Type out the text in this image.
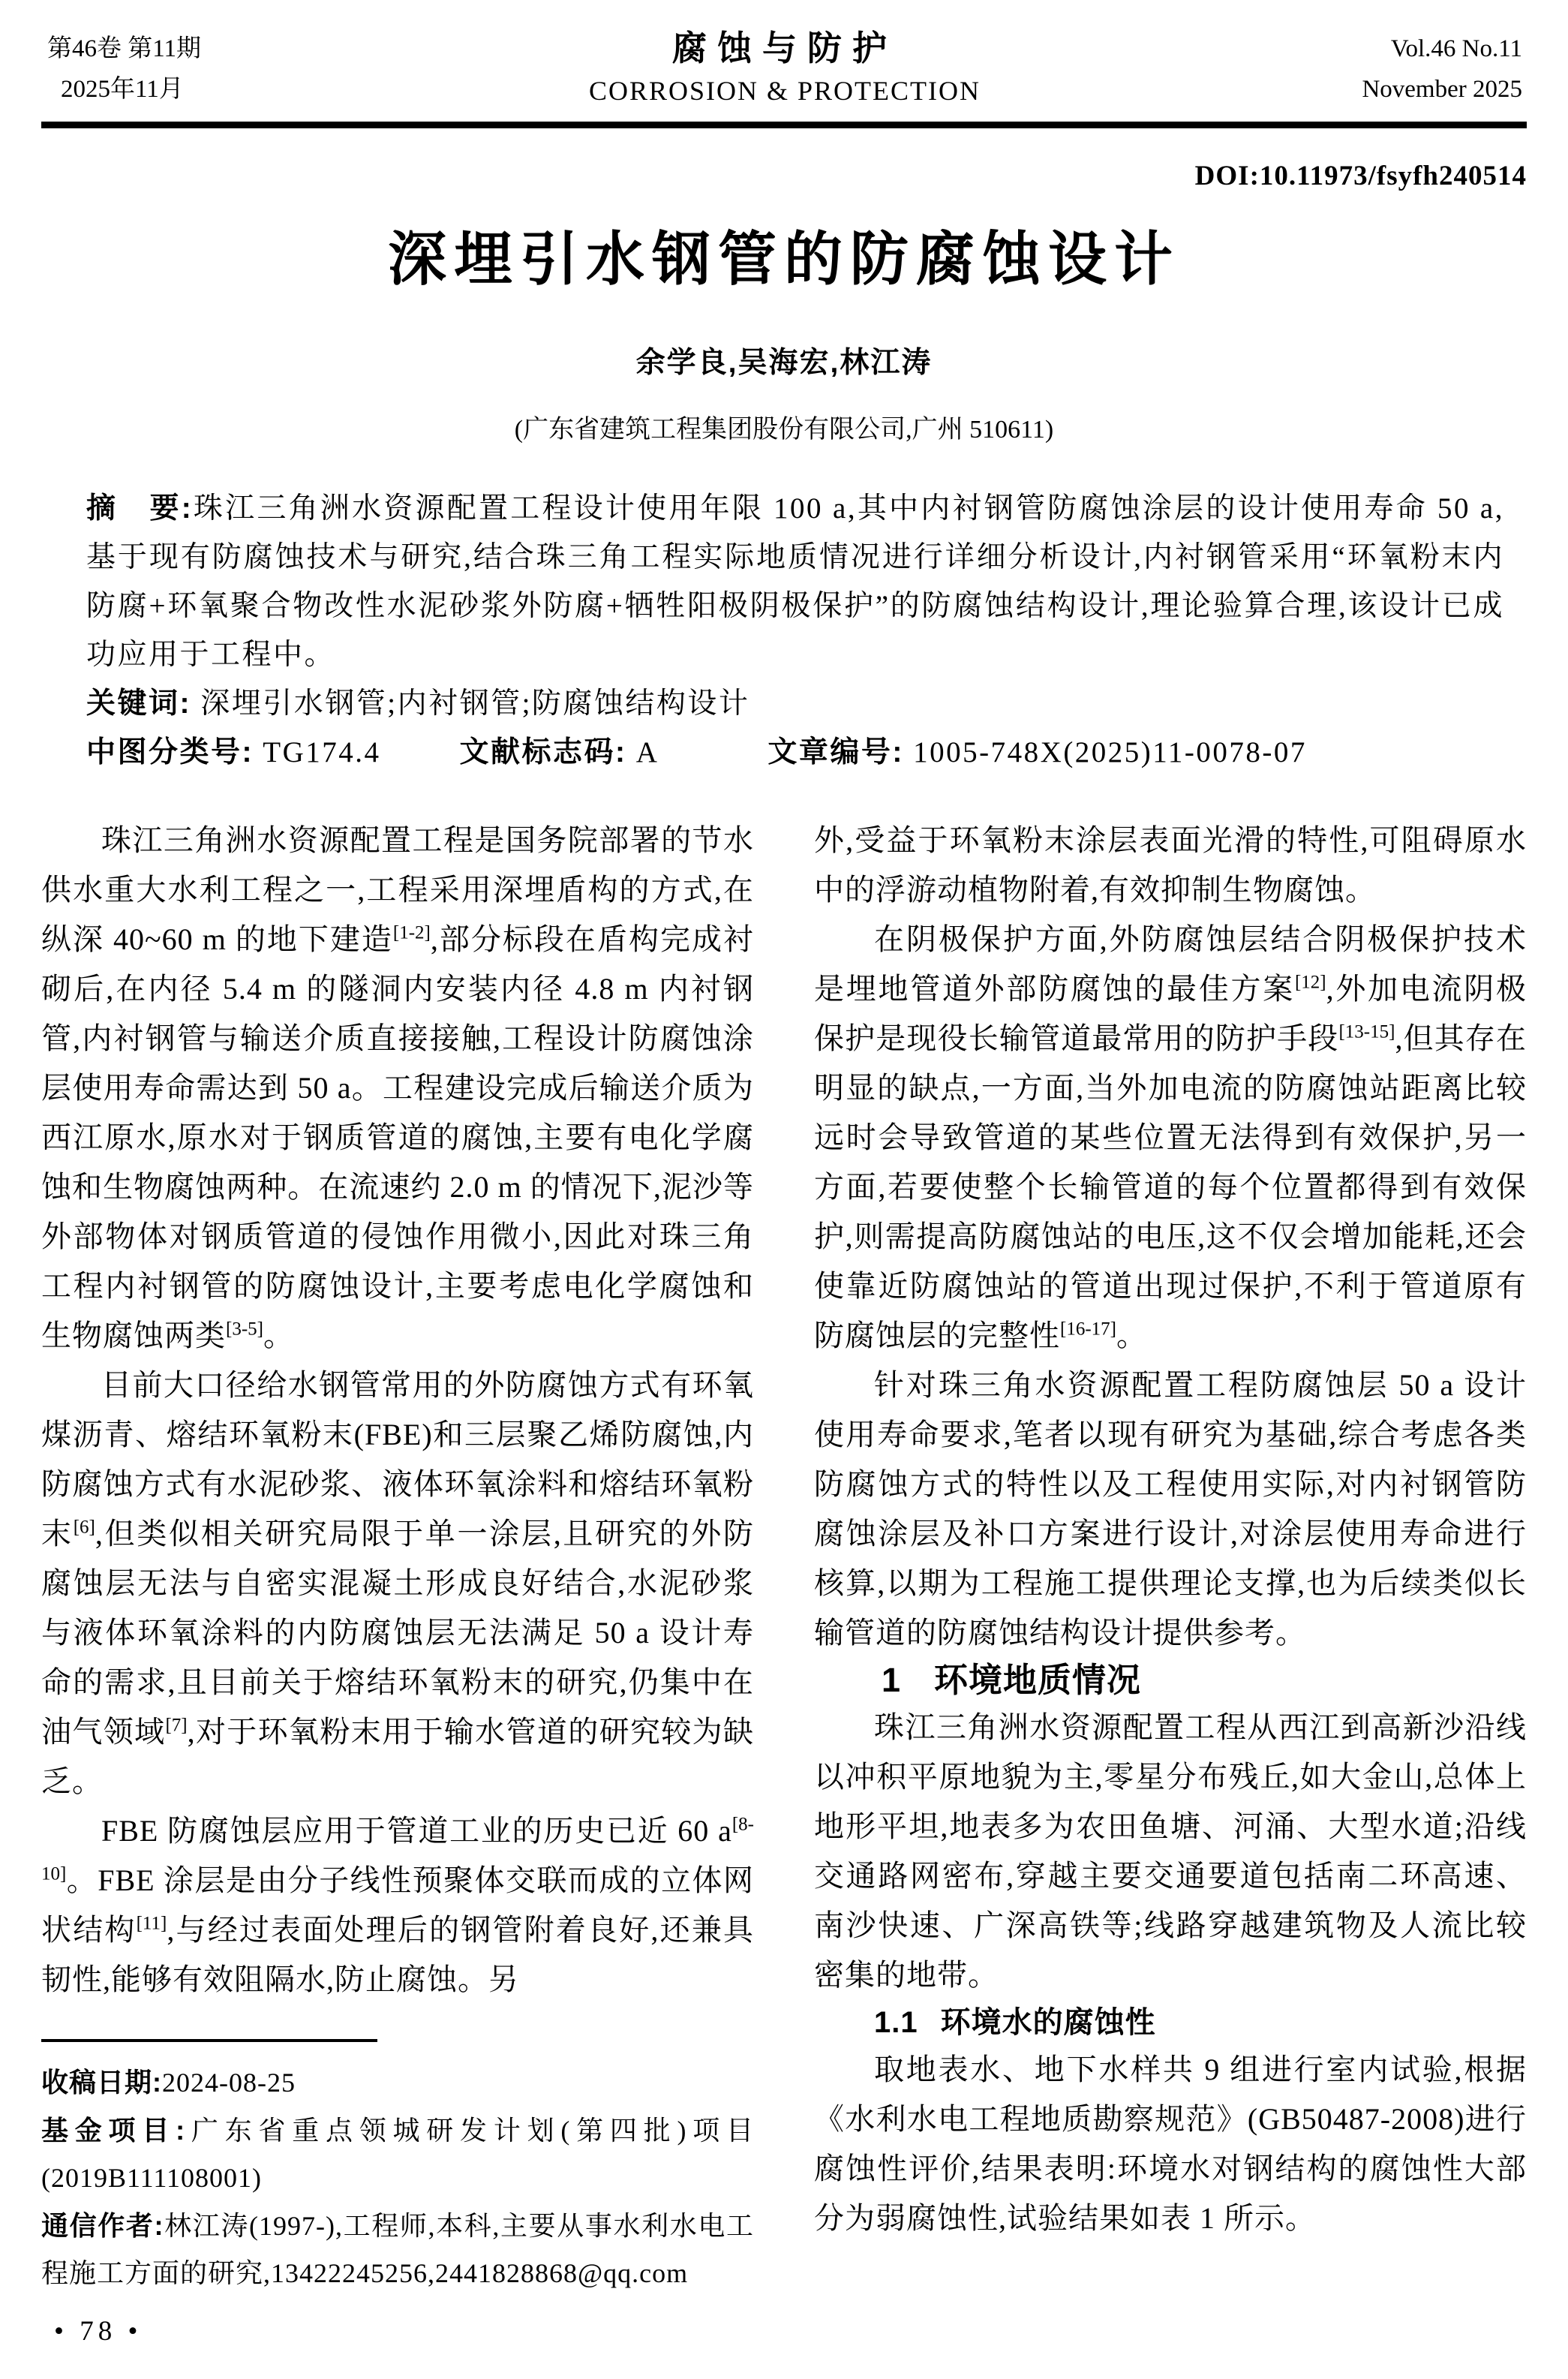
第46卷 第11期
2025年11月
腐蚀与防护
CORROSION & PROTECTION
Vol.46 No.11
November 2025
DOI:10.11973/fsyfh240514
深埋引水钢管的防腐蚀设计
余学良,吴海宏,林江涛
(广东省建筑工程集团股份有限公司,广州 510611)

摘　要:珠江三角洲水资源配置工程设计使用年限 100 a,其中内衬钢管防腐蚀涂层的设计使用寿命 50 a,基于现有防腐蚀技术与研究,结合珠三角工程实际地质情况进行详细分析设计,内衬钢管采用“环氧粉末内防腐+环氧聚合物改性水泥砂浆外防腐+牺牲阳极阴极保护”的防腐蚀结构设计,理论验算合理,该设计已成功应用于工程中。

关键词: 深埋引水钢管;内衬钢管;防腐蚀结构设计

中图分类号: TG174.4	文献标志码: A	文章编号: 1005-748X(2025)11-0078-07

珠江三角洲水资源配置工程是国务院部署的节水供水重大水利工程之一,工程采用深埋盾构的方式,在纵深 40~60 m 的地下建造[1-2],部分标段在盾构完成衬砌后,在内径 5.4 m 的隧洞内安装内径 4.8 m 内衬钢管,内衬钢管与输送介质直接接触,工程设计防腐蚀涂层使用寿命需达到 50 a。工程建设完成后输送介质为西江原水,原水对于钢质管道的腐蚀,主要有电化学腐蚀和生物腐蚀两种。在流速约 2.0 m 的情况下,泥沙等外部物体对钢质管道的侵蚀作用微小,因此对珠三角工程内衬钢管的防腐蚀设计,主要考虑电化学腐蚀和生物腐蚀两类[3-5]。

目前大口径给水钢管常用的外防腐蚀方式有环氧煤沥青、熔结环氧粉末(FBE)和三层聚乙烯防腐蚀,内防腐蚀方式有水泥砂浆、液体环氧涂料和熔结环氧粉末[6],但类似相关研究局限于单一涂层,且研究的外防腐蚀层无法与自密实混凝土形成良好结合,水泥砂浆与液体环氧涂料的内防腐蚀层无法满足 50 a 设计寿命的需求,且目前关于熔结环氧粉末的研究,仍集中在油气领域[7],对于环氧粉末用于输水管道的研究较为缺乏。

FBE 防腐蚀层应用于管道工业的历史已近 60 a[8-10]。FBE 涂层是由分子线性预聚体交联而成的立体网状结构[11],与经过表面处理后的钢管附着良好,还兼具韧性,能够有效阻隔水,防止腐蚀。另

收稿日期:2024-08-25

基金项目:广东省重点领城研发计划(第四批)项目(2019B111108001)

通信作者:林江涛(1997-),工程师,本科,主要从事水利水电工程施工方面的研究,13422245256,2441828868@qq.com

外,受益于环氧粉末涂层表面光滑的特性,可阻碍原水中的浮游动植物附着,有效抑制生物腐蚀。

在阴极保护方面,外防腐蚀层结合阴极保护技术是埋地管道外部防腐蚀的最佳方案[12],外加电流阴极保护是现役长输管道最常用的防护手段[13-15],但其存在明显的缺点,一方面,当外加电流的防腐蚀站距离比较远时会导致管道的某些位置无法得到有效保护,另一方面,若要使整个长输管道的每个位置都得到有效保护,则需提高防腐蚀站的电压,这不仅会增加能耗,还会使靠近防腐蚀站的管道出现过保护,不利于管道原有防腐蚀层的完整性[16-17]。

针对珠三角水资源配置工程防腐蚀层 50 a 设计使用寿命要求,笔者以现有研究为基础,综合考虑各类防腐蚀方式的特性以及工程使用实际,对内衬钢管防腐蚀涂层及补口方案进行设计,对涂层使用寿命进行核算,以期为工程施工提供理论支撑,也为后续类似长输管道的防腐蚀结构设计提供参考。

1 环境地质情况

珠江三角洲水资源配置工程从西江到高新沙沿线以冲积平原地貌为主,零星分布残丘,如大金山,总体上地形平坦,地表多为农田鱼塘、河涌、大型水道;沿线交通路网密布,穿越主要交通要道包括南二环高速、南沙快速、广深高铁等;线路穿越建筑物及人流比较密集的地带。

1.1 环境水的腐蚀性

取地表水、地下水样共 9 组进行室内试验,根据《水利水电工程地质勘察规范》(GB50487-2008)进行腐蚀性评价,结果表明:环境水对钢结构的腐蚀性大部分为弱腐蚀性,试验结果如表 1 所示。

• 78 •
